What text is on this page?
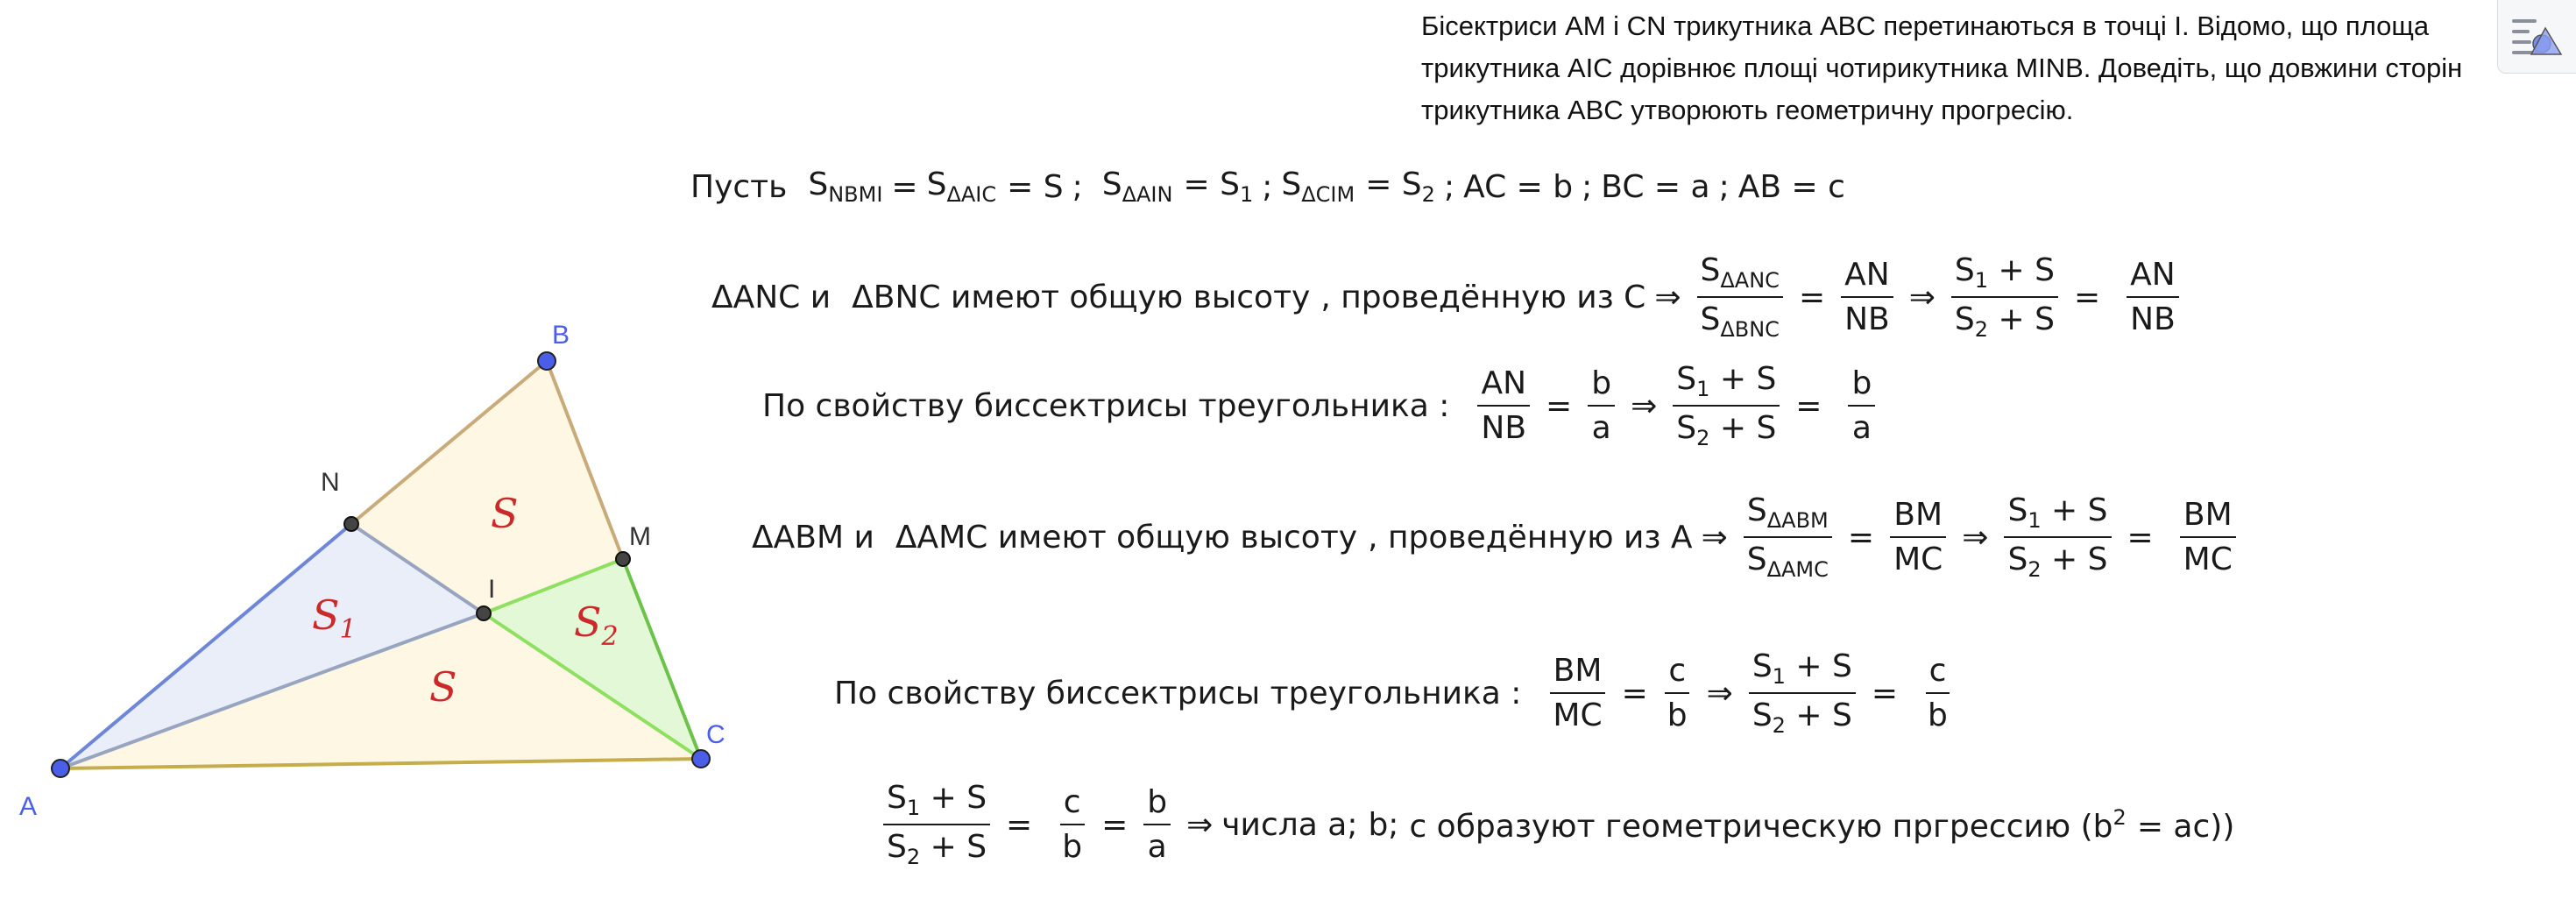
S
$S_1$
S
$S_2$
A
B
C
N
M
I
Бісектриси AM і CN трикутника ABC перетинаються в точці I. Відомо, що площа трикутника AIC дорівнює площі чотирикутника MINB. Доведіть, що довжини сторін трикутника ABC утворюють геометричну прогресію.
Пусть $S_{NBMI} = S_{\Delta AIC} = S$ ; $S_{\Delta AIN} = S_1$ ; $S_{\Delta CIM} = S_2$ ; AC = b ; BC = a ; AB = c
ΔANC и ΔBNC имеют общую высоту , проведённую из C ⇒ $\frac{S_{\Delta ANC}}{S_{\Delta BNC}} = \frac{AN}{NB}$ ⇒ $\frac{S_1 + S}{S_2 + S} = \frac{AN}{NB}$
По свойству биссектрисы треугольника : $\frac{AN}{NB} = \frac{b}{a}$ ⇒ $\frac{S_1 + S}{S_2 + S} = \frac{b}{a}$
ΔABM и ΔAMC имеют общую высоту , проведённую из A ⇒ $\frac{S_{\Delta ABM}}{S_{\Delta AMC}} = \frac{BM}{MC}$ ⇒ $\frac{S_1 + S}{S_2 + S} = \frac{BM}{MC}$
По свойству биссектрисы треугольника : $\frac{BM}{MC} = \frac{c}{b}$ ⇒ $\frac{S_1 + S}{S_2 + S} = \frac{c}{b}$
$\frac{S_1 + S}{S_2 + S} = \frac{c}{b} = \frac{b}{a}$ ⇒ числа a; b; c образуют геометрическую пргрессию $(b^2 = ac)$)
